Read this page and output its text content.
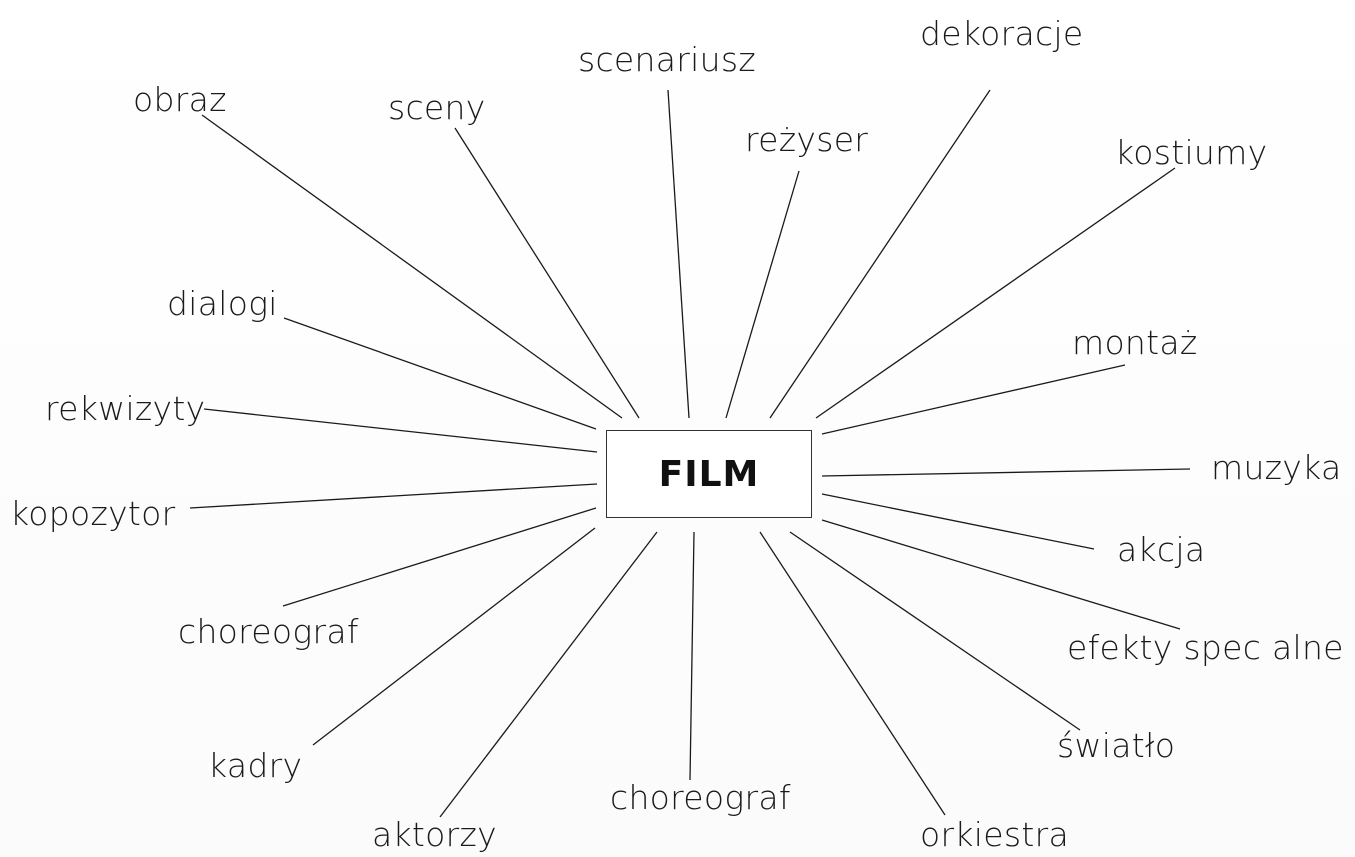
FILM
obraz	sceny
scenariusz
reżyser
dekoracje
kostiumy
dialogi
montaż
rekwizyty
muzyka
kopozytor
akcja
choreograf	efekty spec alne
kadry
światło
choreograf
aktorzy	orkiestra
